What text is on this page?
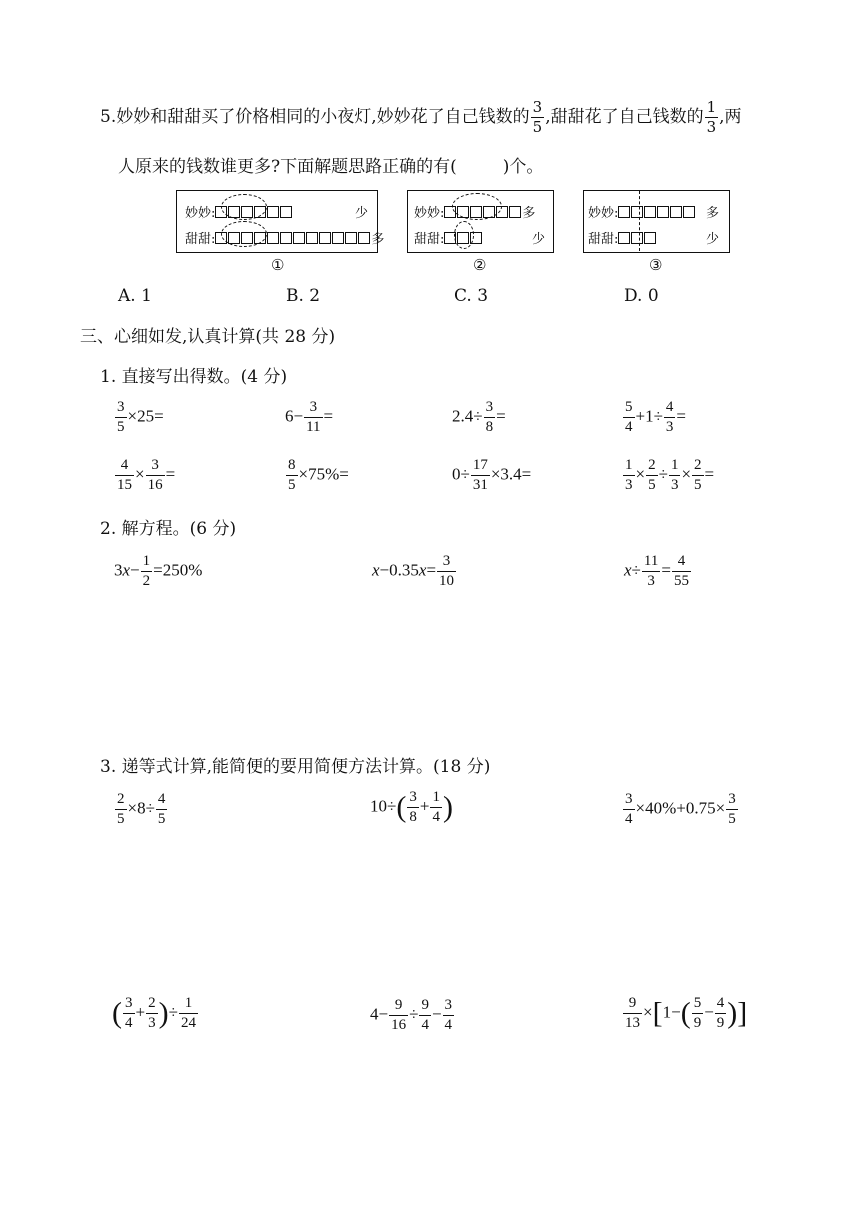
5.妙妙和甜甜买了价格相同的小夜灯,妙妙花了自己钱数的 $\frac{3}{5}$ ,甜甜花了自己钱数的 $\frac{1}{3}$ ,两
人原来的钱数谁更多?下面解题思路正确的有(	)个。
妙妙:	少
甜甜:	多
①
妙妙:	多
甜甜:	少
②
妙妙:	多
甜甜:	少
③
A. 1	B. 2	C. 3	D. 0
三、心细如发,认真计算(共 28 分)
1. 直接写出得数。(4 分)
$\frac{3}{5} \times 25=$	$6- \frac{3}{11}$ =	$2.4\div \frac{3}{8}$ =	$\frac{5}{4} +1\div \frac{4}{3}$ =
$\frac{4}{15} \times \frac{3}{16}$ =	$\frac{8}{5} \times 75\%=$	$0\div \frac{17}{31} \times 3.4=$	$\frac{1}{3} \times \frac{2}{5} \div \frac{1}{3} \times \frac{2}{5}$ =
2. 解方程。(6 分)
$3x- \frac{1}{2} =250\%$	$x-0.35x= \frac{3}{10}$	$x\div \frac{11}{3} = \frac{4}{55}$
3. 递等式计算,能简便的要用简便方法计算。(18 分)
$\frac{2}{5} \times 8\div \frac{4}{5}$	$10\div( \frac{3}{8} + \frac{1}{4}$ )	$\frac{3}{4} \times 40\%+0.75\times \frac{3}{5}$
( $\frac{3}{4} + \frac{2}{3}$ )÷ $\frac{1}{24}$	$4- \frac{9}{16} \div \frac{9}{4} - \frac{3}{4}$	$\frac{9}{13} \times[1-( \frac{5}{9} - \frac{4}{9}$ )]
